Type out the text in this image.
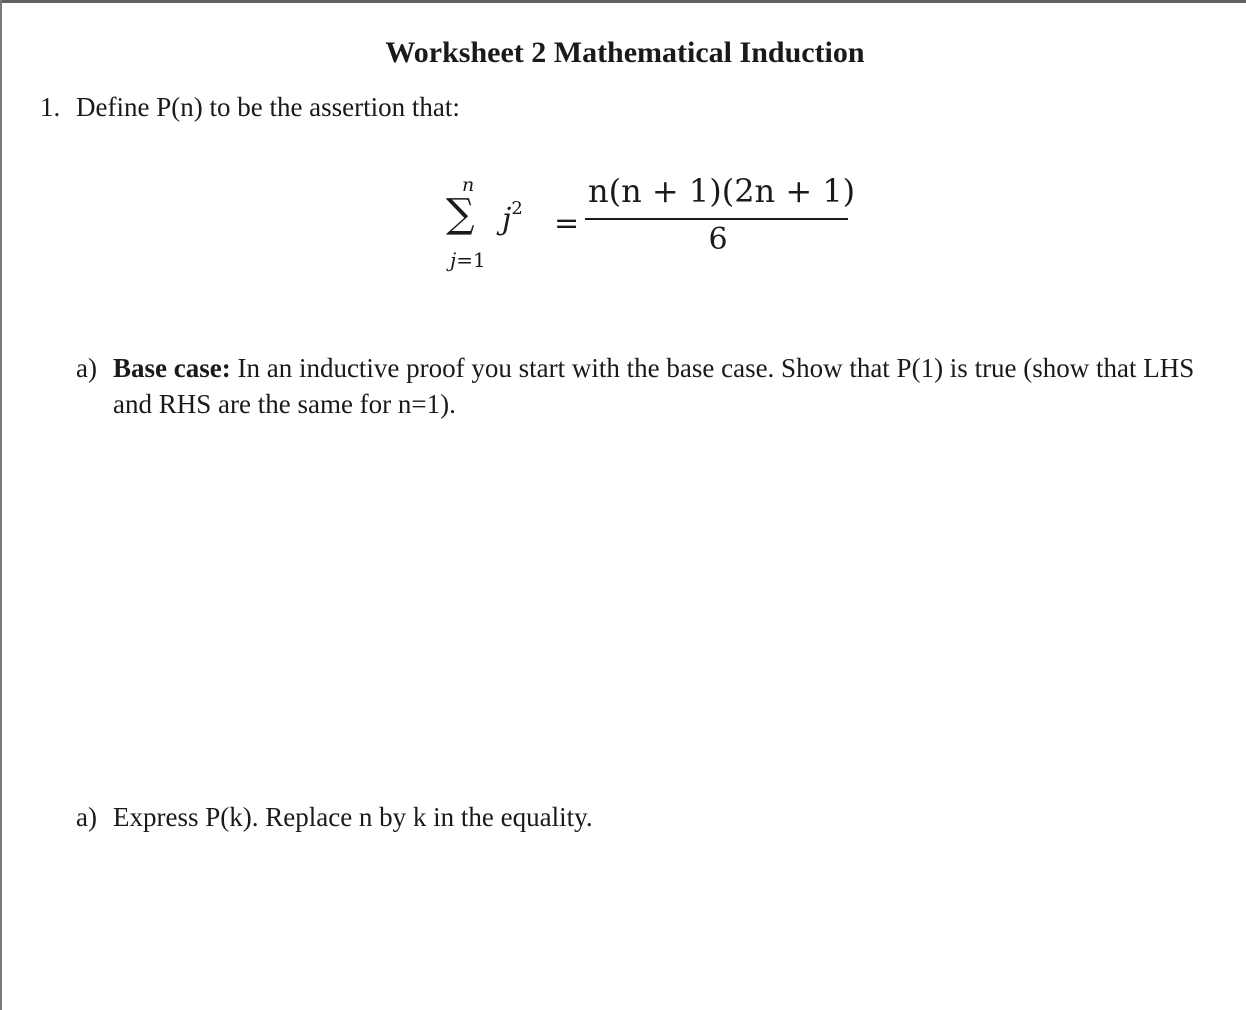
Worksheet 2 Mathematical Induction
1. Define P(n) to be the assertion that:
n
∑
j=1
$j^2$ =
n(n + 1)(2n + 1)
6
a) Base case: In an inductive proof you start with the base case. Show that P(1) is true (show that LHS and RHS are the same for n=1).
a) Express P(k). Replace n by k in the equality.
